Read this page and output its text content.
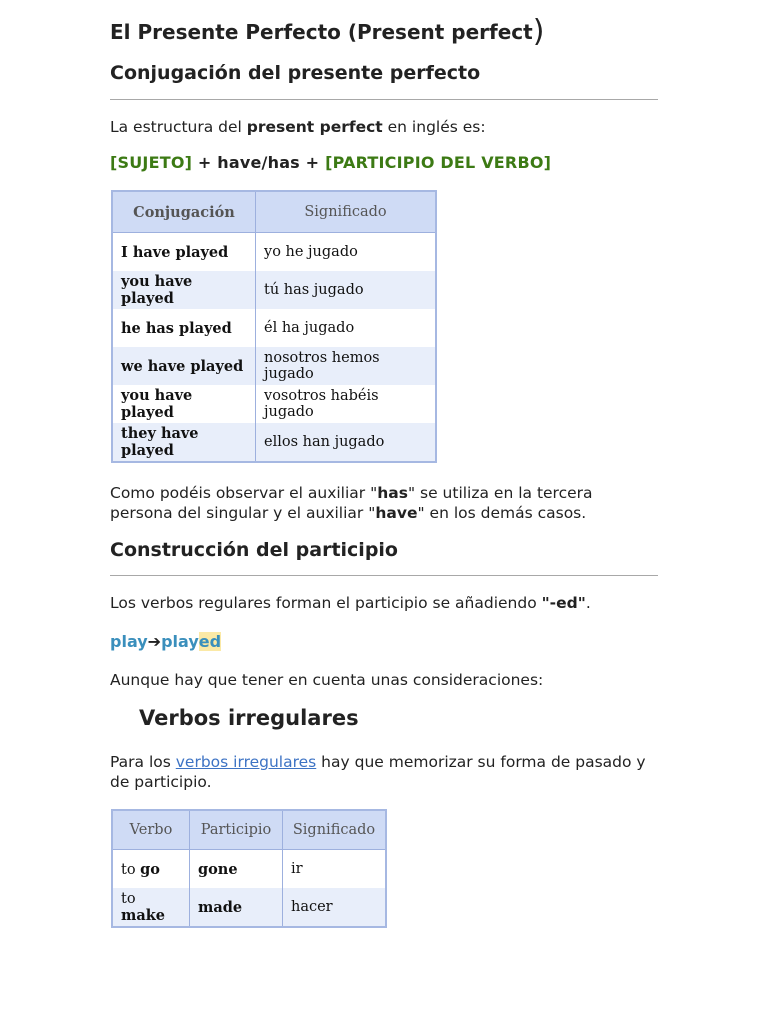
El Presente Perfecto (Present perfect)
Conjugación del presente perfecto

La estructura del present perfect en inglés es:

[SUJETO] + have/has + [PARTICIPIO DEL VERBO]
Conjugación	Significado
I have played	yo he jugado
you have played	tú has jugado
he has played	él ha jugado
we have played	nosotros hemos jugado
you have played	vosotros habéis jugado
they have played	ellos han jugado

Como podéis observar el auxiliar "has" se utiliza en la tercera persona del singular y el auxiliar "have" en los demás casos.

Construcción del participio

Los verbos regulares forman el participio se añadiendo "-ed".

play➔played

Aunque hay que tener en cuenta unas consideraciones:

Verbos irregulares

Para los verbos irregulares hay que memorizar su forma de pasado y de participio.

Verbo	Participio	Significado
to go	gone	ir
to make	made	hacer
